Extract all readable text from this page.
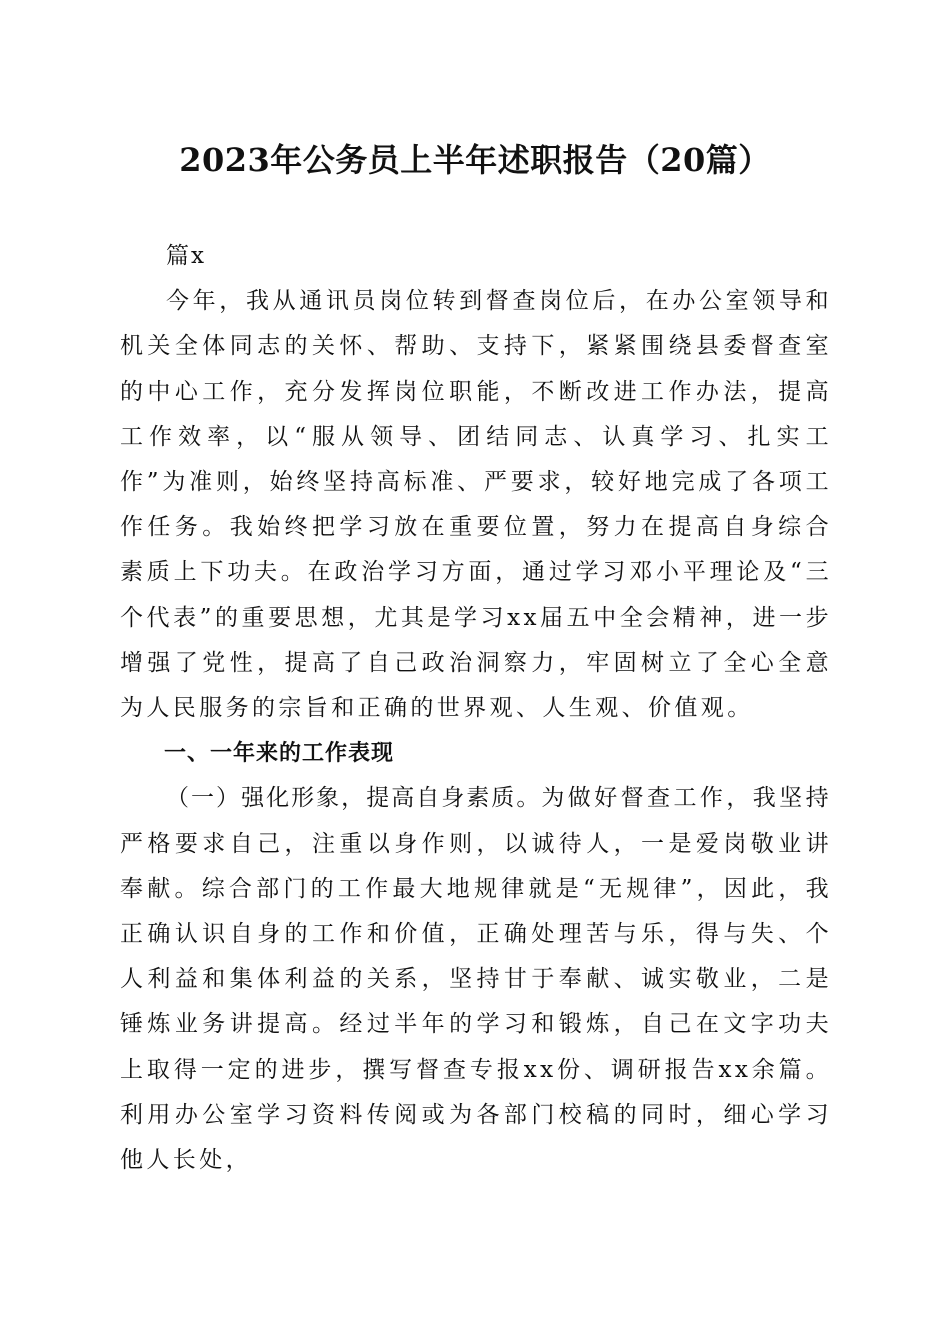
2023年公务员上半年述职报告（20篇）

篇x

今年，我从通讯员岗位转到督查岗位后，在办公室领导和机关全体同志的关怀、帮助、支持下，紧紧围绕县委督查室的中心工作，充分发挥岗位职能，不断改进工作办法，提高工作效率，以“服从领导、团结同志、认真学习、扎实工作”为准则，始终坚持高标准、严要求，较好地完成了各项工作任务。我始终把学习放在重要位置，努力在提高自身综合素质上下功夫。在政治学习方面，通过学习邓小平理论及“三个代表”的重要思想，尤其是学习xx届五中全会精神，进一步增强了党性，提高了自己政治洞察力，牢固树立了全心全意为人民服务的宗旨和正确的世界观、人生观、价值观。

一、一年来的工作表现

（一）强化形象，提高自身素质。为做好督查工作，我坚持严格要求自己，注重以身作则，以诚待人，一是爱岗敬业讲奉献。综合部门的工作最大地规律就是“无规律”，因此，我正确认识自身的工作和价值，正确处理苦与乐，得与失、个人利益和集体利益的关系，坚持甘于奉献、诚实敬业，二是锤炼业务讲提高。经过半年的学习和锻炼，自己在文字功夫上取得一定的进步，撰写督查专报xx份、调研报告xx余篇。利用办公室学习资料传阅或为各部门校稿的同时，细心学习他人长处，
